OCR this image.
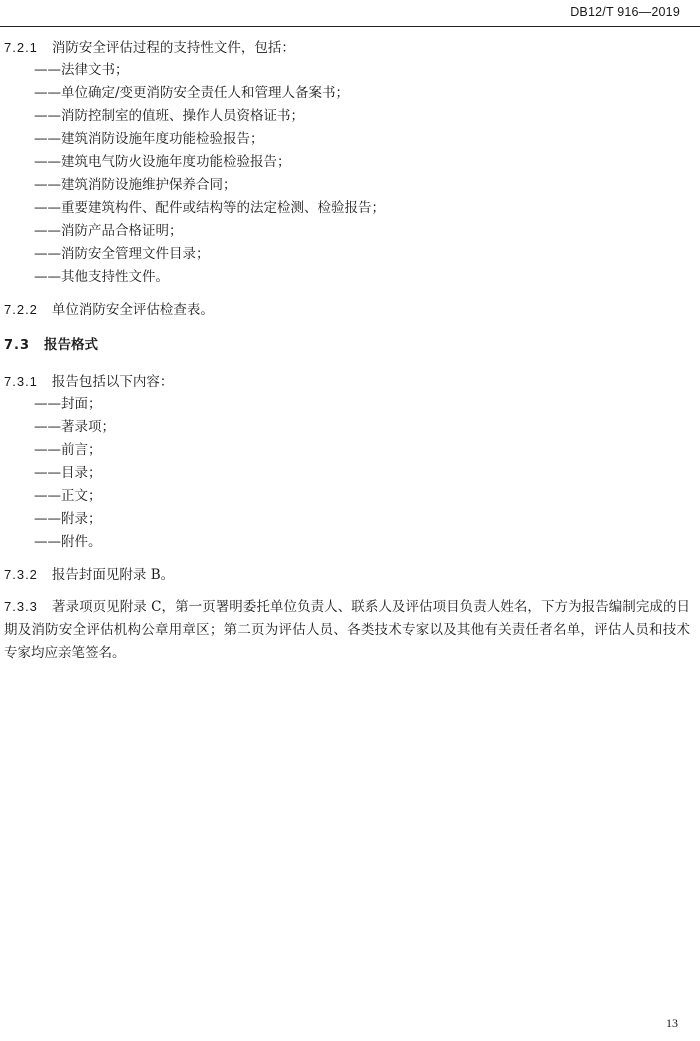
DB12/T 916—2019
7.2.1 消防安全评估过程的支持性文件，包括：
——法律文书；
——单位确定/变更消防安全责任人和管理人备案书；
——消防控制室的值班、操作人员资格证书；
——建筑消防设施年度功能检验报告；
——建筑电气防火设施年度功能检验报告；
——建筑消防设施维护保养合同；
——重要建筑构件、配件或结构等的法定检测、检验报告；
——消防产品合格证明；
——消防安全管理文件目录；
——其他支持性文件。
7.2.2 单位消防安全评估检查表。
7.3 报告格式
7.3.1 报告包括以下内容：
——封面；
——著录项；
——前言；
——目录；
——正文；
——附录；
——附件。
7.3.2 报告封面见附录 B。
7.3.3 著录项页见附录 C，第一页署明委托单位负责人、联系人及评估项目负责人姓名，下方为报告编制完成的日期及消防安全评估机构公章用章区；第二页为评估人员、各类技术专家以及其他有关责任者名单，评估人员和技术专家均应亲笔签名。
13
